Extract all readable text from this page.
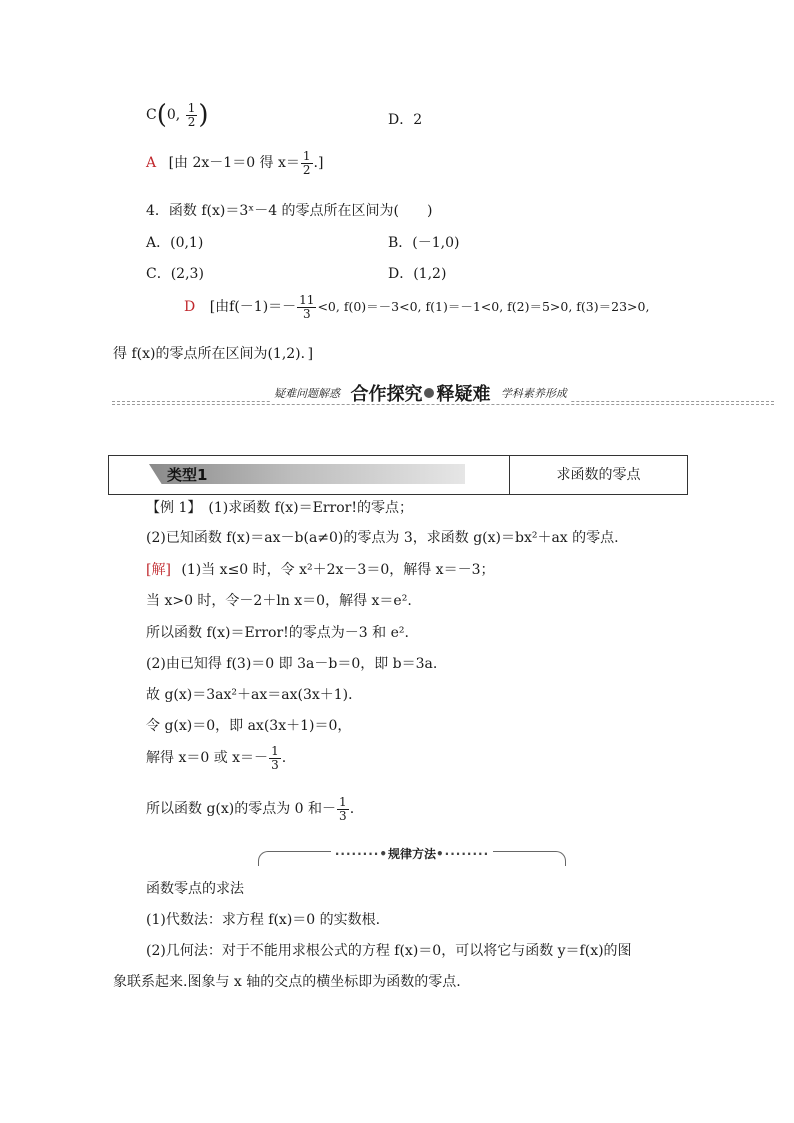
C(0, $\frac{1}{2}$ )	D．2
A [由 2x－1＝0 得 $x= \frac{1}{2}$ .]
4．函数 f(x)＝3ˣ－4 的零点所在区间为(　　)
A．(0,1)	B．(－1,0)
C．(2,3)	D．(1,2)
D [由$f(-1)=- \frac{11}{3} <0$, f(0)＝－3<0, f(1)＝－1<0, f(2)＝5>0, f(3)＝23>0,
得 f(x)的零点所在区间为(1,2)．]
疑难问题解惑 合作探究 释疑难 学科素养形成
类型1	求函数的零点
【例 1】　(1)求函数 f(x)＝Error!的零点；
(2)已知函数 f(x)＝ax－b(a≠0)的零点为 3，求函数 g(x)＝bx²＋ax 的零点.
[解] (1)当 x≤0 时，令 x²＋2x－3＝0，解得 x＝－3；
当 x>0 时，令－2＋ln x＝0，解得 x＝e².
所以函数 f(x)＝Error!的零点为－3 和 e².
(2)由已知得 f(3)＝0 即 3a－b＝0，即 b＝3a.
故 g(x)＝3ax²＋ax＝ax(3x＋1)．
令 g(x)＝0，即 ax(3x＋1)＝0，
解得 x＝0 或 $x=- \frac{1}{3}$ .
所以函数 g(x)的零点为 0 和－ $\frac{1}{3}$ .
········•规律方法•········
函数零点的求法
(1)代数法：求方程 f(x)＝0 的实数根.
(2)几何法：对于不能用求根公式的方程 f(x)＝0，可以将它与函数 y＝f(x)的图
象联系起来.图象与 x 轴的交点的横坐标即为函数的零点.
